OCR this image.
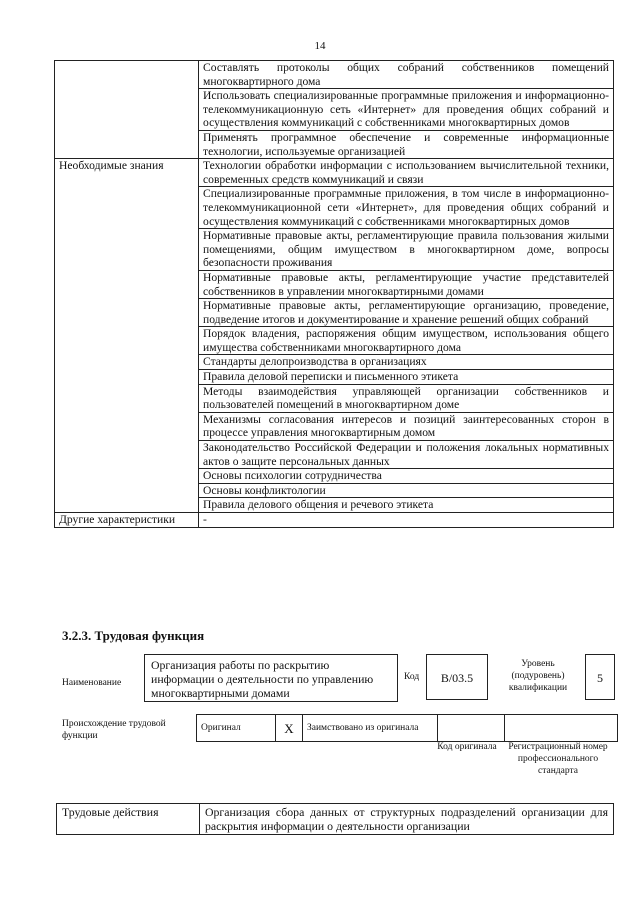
14
	Составлять протоколы общих собраний собственников помещений многоквартирного дома
	Использовать специализированные программные приложения и информационно-телекоммуникационную сеть «Интернет» для проведения общих собраний и осуществления коммуникаций с собственниками многоквартирных домов
	Применять программное обеспечение и современные информационные технологии, используемые организацией
Необходимые знания	Технологии обработки информации с использованием вычислительной техники, современных средств коммуникаций и связи
	Специализированные программные приложения, в том числе в информационно-телекоммуникационной сети «Интернет», для проведения общих собраний и осуществления коммуникаций с собственниками многоквартирных домов
	Нормативные правовые акты, регламентирующие правила пользования жилыми помещениями, общим имуществом в многоквартирном доме, вопросы безопасности проживания
	Нормативные правовые акты, регламентирующие участие представителей собственников в управлении многоквартирными домами
	Нормативные правовые акты, регламентирующие организацию, проведение, подведение итогов и документирование и хранение решений общих собраний
	Порядок владения, распоряжения общим имуществом, использования общего имущества собственниками многоквартирного дома
	Стандарты делопроизводства в организациях
	Правила деловой переписки и письменного этикета
	Методы взаимодействия управляющей организации собственников и пользователей помещений в многоквартирном доме
	Механизмы согласования интересов и позиций заинтересованных сторон в процессе управления многоквартирным домом
	Законодательство Российской Федерации и положения локальных нормативных актов о защите персональных данных
	Основы психологии сотрудничества
	Основы конфликтологии
	Правила делового общения и речевого этикета
Другие характеристики	-
3.2.3. Трудовая функция
Наименование
Организация работы по раскрытию информации о деятельности по управлению многоквартирными домами
Код	B/03.5
Уровень (подуровень) квалификации
5
Происхождение трудовой функции
Оригинал	X	Заимствовано из оригинала		
Код оригинала	Регистрационный номер профессионального стандарта
Трудовые действия	Организация сбора данных от структурных подразделений организации для раскрытия информации о деятельности организации
